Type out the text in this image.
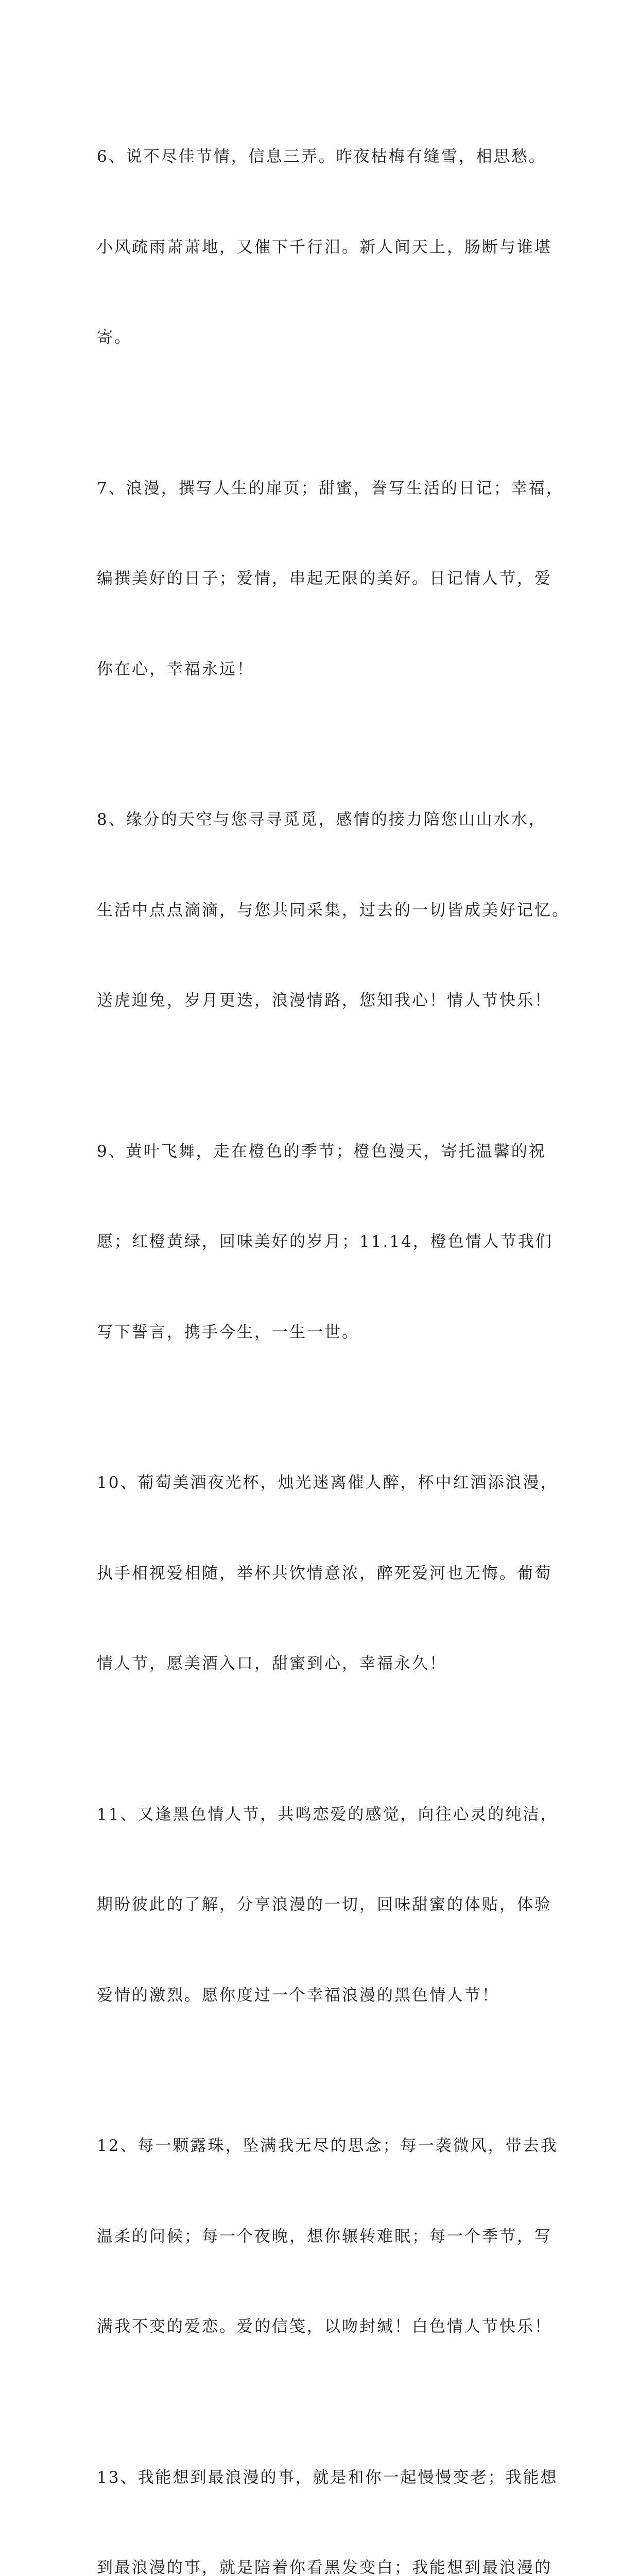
6、说不尽佳节情，信息三弄。昨夜枯梅有缝雪，相思愁。

小风疏雨萧萧地，又催下千行泪。新人间天上，肠断与谁堪

寄。

7、浪漫，撰写人生的扉页；甜蜜，誊写生活的日记；幸福，

编撰美好的日子；爱情，串起无限的美好。日记情人节，爱

你在心，幸福永远！

8、缘分的天空与您寻寻觅觅，感情的接力陪您山山水水，

生活中点点滴滴，与您共同采集，过去的一切皆成美好记忆。

送虎迎兔，岁月更迭，浪漫情路，您知我心！情人节快乐！

9、黄叶飞舞，走在橙色的季节；橙色漫天，寄托温馨的祝

愿；红橙黄绿，回味美好的岁月；11.14，橙色情人节我们

写下誓言，携手今生，一生一世。

10、葡萄美酒夜光杯，烛光迷离催人醉，杯中红酒添浪漫，

执手相视爱相随，举杯共饮情意浓，醉死爱河也无悔。葡萄

情人节，愿美酒入口，甜蜜到心，幸福永久！

11、又逢黑色情人节，共鸣恋爱的感觉，向往心灵的纯洁，

期盼彼此的了解，分享浪漫的一切，回味甜蜜的体贴，体验

爱情的激烈。愿你度过一个幸福浪漫的黑色情人节！

12、每一颗露珠，坠满我无尽的思念；每一袭微风，带去我

温柔的问候；每一个夜晚，想你辗转难眠；每一个季节，写

满我不变的爱恋。爱的信笺，以吻封缄！白色情人节快乐！

13、我能想到最浪漫的事，就是和你一起慢慢变老；我能想

到最浪漫的事，就是陪着你看黑发变白；我能想到最浪漫的
